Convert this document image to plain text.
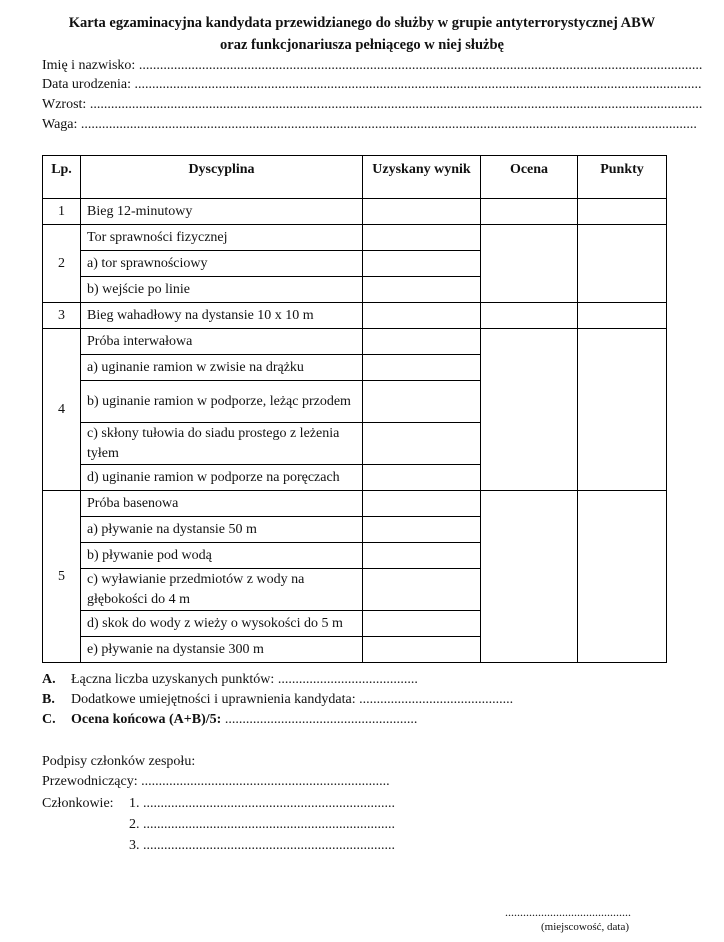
Karta egzaminacyjna kandydata przewidzianego do służby w grupie antyterrorystycznej ABW
oraz funkcjonariusza pełniącego w niej służbę
Imię i nazwisko: .................................................................................................................................................................
Data urodzenia: ..................................................................................................................................................................
Wzrost: ...............................................................................................................................................................................
Waga: ................................................................................................................................................................................
Lp.	Dyscyplina	Uzyskany wynik	Ocena	Punkty
1	Bieg 12-minutowy			
2	Tor sprawności fizycznej			
	a) tor sprawnościowy			
	b) wejście po linie			
3	Bieg wahadłowy na dystansie 10 x 10 m			
4	Próba interwałowa			
	a) uginanie ramion w zwisie na drążku			
	b) uginanie ramion w podporze, leżąc przodem			
	c) skłony tułowia do siadu prostego z leżenia tyłem			
	d) uginanie ramion w podporze na poręczach			
5	Próba basenowa			
	a) pływanie na dystansie 50 m			
	b) pływanie pod wodą			
	c) wyławianie przedmiotów z wody na głębokości do 4 m			
	d) skok do wody z wieży o wysokości do 5 m			
	e) pływanie na dystansie 300 m			
A. Łączna liczba uzyskanych punktów: ........................................
B. Dodatkowe umiejętności i uprawnienia kandydata: ............................................
C. Ocena końcowa (A+B)/5: .......................................................
Podpisy członków zespołu:
Przewodniczący: .......................................................................
Członkowie:	1. ........................................................................
2. ........................................................................
3. ........................................................................
..........................................
(miejscowość, data)
